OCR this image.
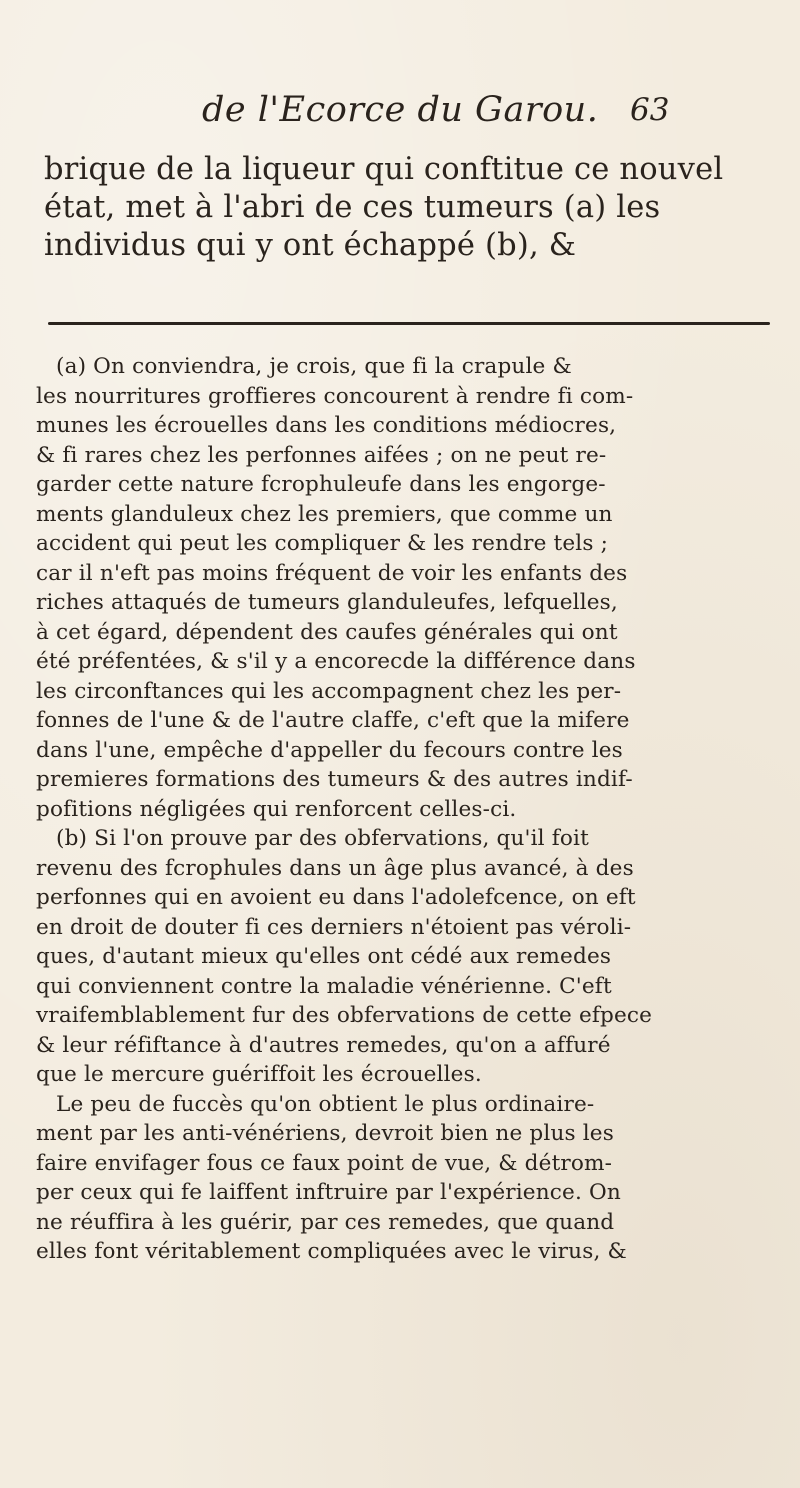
de l'Ecorce du Garou. 63
brique de la liqueur qui conftitue ce nouvel
état, met à l'abri de ces tumeurs (a) les
individus qui y ont échappé (b), &
(a) On conviendra, je crois, que fi la crapule &
les nourritures groffieres concourent à rendre fi com-
munes les écrouelles dans les conditions médiocres,
& fi rares chez les perfonnes aifées ; on ne peut re-
garder cette nature fcrophuleufe dans les engorge-
ments glanduleux chez les premiers, que comme un
accident qui peut les compliquer & les rendre tels ;
car il n'eft pas moins fréquent de voir les enfants des
riches attaqués de tumeurs glanduleufes, lefquelles,
à cet égard, dépendent des caufes générales qui ont
été préfentées, & s'il y a encorecde la différence dans
les circonftances qui les accompagnent chez les per-
fonnes de l'une & de l'autre claffe, c'eft que la mifere
dans l'une, empêche d'appeller du fecours contre les
premieres formations des tumeurs & des autres indif-
pofitions négligées qui renforcent celles-ci.
(b) Si l'on prouve par des obfervations, qu'il foit
revenu des fcrophules dans un âge plus avancé, à des
perfonnes qui en avoient eu dans l'adolefcence, on eft
en droit de douter fi ces derniers n'étoient pas véroli-
ques, d'autant mieux qu'elles ont cédé aux remedes
qui conviennent contre la maladie vénérienne. C'eft
vraifemblablement fur des obfervations de cette efpece
& leur réfiftance à d'autres remedes, qu'on a affuré
que le mercure guériffoit les écrouelles.
Le peu de fuccès qu'on obtient le plus ordinaire-
ment par les anti-vénériens, devroit bien ne plus les
faire envifager fous ce faux point de vue, & détrom-
per ceux qui fe laiffent inftruire par l'expérience. On
ne réuffira à les guérir, par ces remedes, que quand
elles font véritablement compliquées avec le virus, &
